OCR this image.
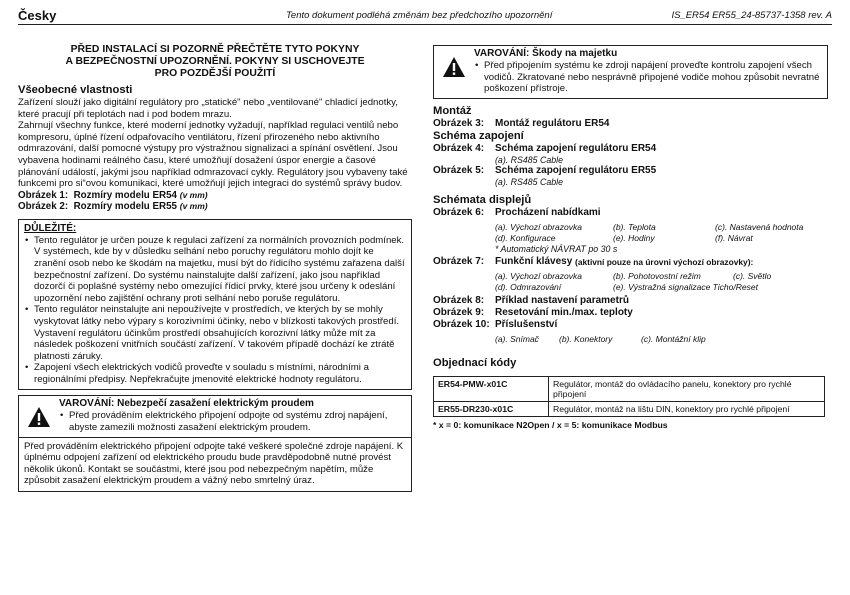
Česky	Tento dokument podléhá změnám bez předchozího upozornění	IS_ER54 ER55_24-85737-1358 rev. A
PŘED INSTALACÍ SI POZORNĚ PŘEČTĚTE TYTO POKYNY
A BEZPEČNOSTNÍ UPOZORNĚNÍ. POKYNY SI USCHOVEJTE
PRO POZDĚJŠÍ POUŽITÍ
Všeobecné vlastnosti

Zařízení slouží jako digitální regulátory pro „statické" nebo „ventilované" chladicí jednotky, které pracují při teplotách nad i pod bodem mrazu.

Zahrnují všechny funkce, které moderní jednotky vyžadují, například regulaci ventilů nebo kompresoru, úplné řízení odpařovacího ventilátoru, řízení přirozeného nebo aktivního odmrazování, další pomocné výstupy pro výstražnou signalizaci a spínání osvětlení. Jsou vybavena hodinami reálného času, které umožňují dosažení úspor energie a časové plánování událostí, jakými jsou například odmrazovací cykly. Regulátory jsou vybaveny také funkcemi pro si“ovou komunikaci, které umožňují jejich integraci do systémů správy budov.

Obrázek 1: Rozmíry modelu ER54 (v mm)
Obrázek 2: Rozmíry modelu ER55 (v mm)
DŮLEŽITÉ:
• Tento regulátor je určen pouze k regulaci zařízení za normálních provozních podmínek. V systémech, kde by v důsledku selhání nebo poruchy regulátoru mohlo dojít ke zranění osob nebo ke škodám na majetku, musí být do řídicího systému zařazena další bezpečnostní zařízení. Do systému nainstalujte další zařízení, jako jsou například dozorčí či poplašné systémy nebo omezující řídicí prvky, které jsou určeny k odeslání upozornění nebo zajištění ochrany proti selhání nebo poruše regulátoru.
• Tento regulátor neinstalujte ani nepoužívejte v prostředích, ve kterých by se mohly vyskytovat látky nebo výpary s korozivními účinky, nebo v blízkosti takových prostředí. Vystavení regulátoru účinkům prostředí obsahujících korozivní látky může mít za následek poškození vnitřních součástí zařízení. V takovém případě dochází ke ztrátě platnosti záruky.
• Zapojení všech elektrických vodičů proveďte v souladu s místními, národními a regionálními předpisy. Nepřekračujte jmenovité elektrické hodnoty regulátoru.
VAROVÁNÍ: Nebezpečí zasažení elektrickým proudem
• Před prováděním elektrického připojení odpojte od systému zdroj napájení, abyste zamezili možnosti zasažení elektrickým proudem.
Před prováděním elektrického připojení odpojte také veškeré společné zdroje napájení. K úplnému odpojení zařízení od elektrického proudu bude pravděpodobně nutné provést několik úkonů. Kontakt se součástmi, které jsou pod nebezpečným napětím, může způsobit zasažení elektrickým proudem a vážný nebo smrtelný úraz.
VAROVÁNÍ: Škody na majetku
• Před připojením systému ke zdroji napájení proveďte kontrolu zapojení všech vodičů. Zkratované nebo nesprávně připojené vodiče mohou způsobit nevratné poškození přístroje.
Montáž
Obrázek 3:	Montáž regulátoru ER54
Schéma zapojení
Obrázek 4:	Schéma zapojení regulátoru ER54
(a). RS485 Cable
Obrázek 5:	Schéma zapojení regulátoru ER55
(a). RS485 Cable
Schémata displejů
Obrázek 6:	Procházení nabídkami
(a). Výchozí obrazovka	(b). Teplota	(c). Nastavená hodnota
(d). Konfigurace	(e). Hodiny	(f). Návrat
* Automatický NÁVRAT po 30 s
Obrázek 7:	Funkční klávesy
(aktivní pouze na úrovni výchozí obrazovky):
(a). Výchozí obrazovka	(b). Pohotovostní režim	(c). Světlo
(d). Odmrazování	(e). Výstražná signalizace Ticho/Reset
Obrázek 8:	Příklad nastavení parametrů
Obrázek 9:	Resetování min./max. teploty
Obrázek 10: Příslušenství
(a). Snímač	(b). Konektory	(c). Montážní klip
Objednací kódy
ER54-PMW-x01C	Regulátor, montáž do ovládacího panelu, konektory pro rychlé připojení
ER55-DR230-x01C	Regulátor, montáž na lištu DIN, konektory pro rychlé připojení
* x = 0: komunikace N2Open / x = 5: komunikace Modbus
